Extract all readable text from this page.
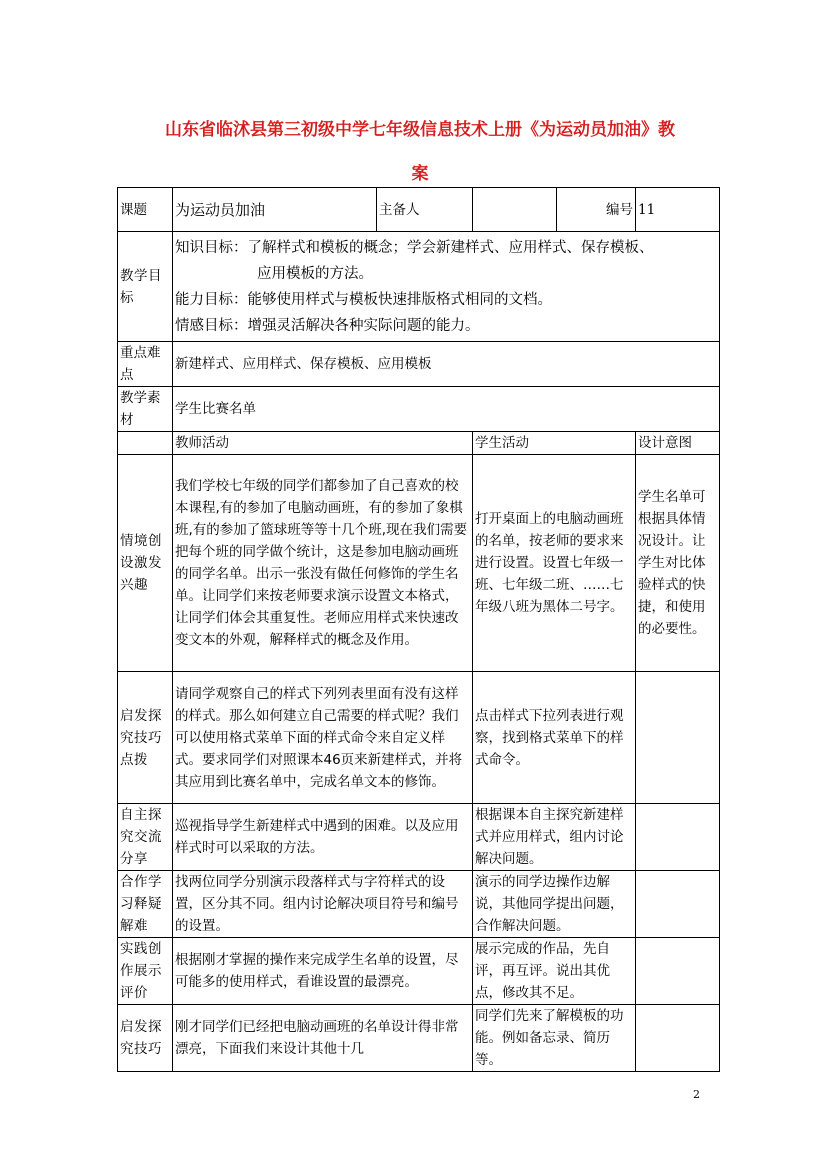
山东省临沭县第三初级中学七年级信息技术上册《为运动员加油》教
案
课题	为运动员加油	主备人		编号	11
教学目标	知识目标：了解样式和模板的概念；学会新建样式、应用样式、保存模板、
应用模板的方法。
能力目标：能够使用样式与模板快速排版格式相同的文档。
情感目标：增强灵活解决各种实际问题的能力。				

重点难点	新建样式、应用样式、保存模板、应用模板				
教学素材	学生比赛名单				
	教师活动		学生活动		设计意图
情境创设激发兴趣	我们学校七年级的同学们都参加了自己喜欢的校本课程,有的参加了电脑动画班，有的参加了象棋班,有的参加了篮球班等等十几个班,现在我们需要把每个班的同学做个统计，这是参加电脑动画班的同学名单。出示一张没有做任何修饰的学生名单。让同学们来按老师要求演示设置文本格式，让同学们体会其重复性。老师应用样式来快速改变文本的外观，解释样式的概念及作用。		打开桌面上的电脑动画班的名单，按老师的要求来进行设置。设置七年级一班、七年级二班、……七年级八班为黑体二号字。		学生名单可根据具体情况设计。让学生对比体验样式的快捷，和使用的必要性。
启发探究技巧点拨	请同学观察自己的样式下列列表里面有没有这样的样式。那么如何建立自己需要的样式呢？我们可以使用格式菜单下面的样式命令来自定义样式。要求同学们对照课本46页来新建样式，并将其应用到比赛名单中，完成名单文本的修饰。		点击样式下拉列表进行观察，找到格式菜单下的样式命令。		
自主探究交流分享	巡视指导学生新建样式中遇到的困难。以及应用样式时可以采取的方法。		根据课本自主探究新建样式并应用样式，组内讨论解决问题。		
合作学习释疑解难	找两位同学分别演示段落样式与字符样式的设置，区分其不同。组内讨论解决项目符号和编号的设置。		演示的同学边操作边解说，其他同学提出问题，合作解决问题。		
实践创作展示评价	根据刚才掌握的操作来完成学生名单的设置，尽可能多的使用样式，看谁设置的最漂亮。		展示完成的作品，先自评，再互评。说出其优点，修改其不足。		
启发探究技巧	刚才同学们已经把电脑动画班的名单设计得非常漂亮，下面我们来设计其他十几		同学们先来了解模板的功能。例如备忘录、简历等。		
2
